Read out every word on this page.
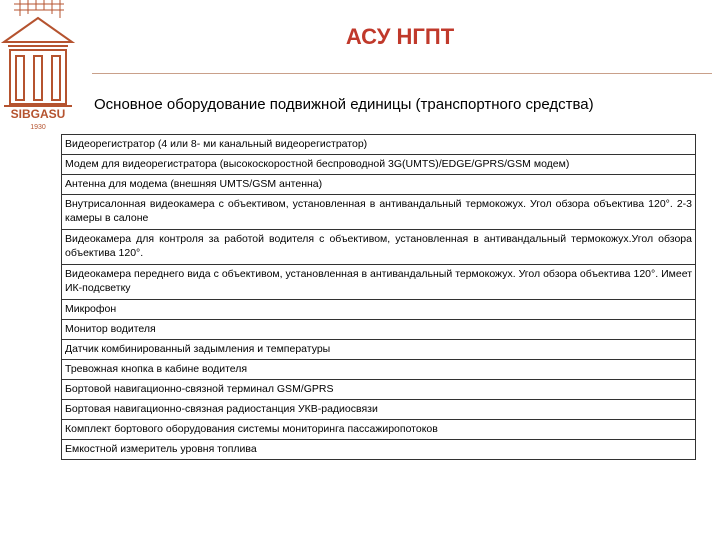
SIBGASU
1930
АСУ НГПТ
Основное оборудование подвижной единицы (транспортного средства)
Видеорегистратор (4 или 8- ми канальный видеорегистратор)
Модем для видеорегистратора (высокоскоростной беспроводной 3G(UMTS)/EDGE/GPRS/GSM модем)
Антенна для модема (внешняя UMTS/GSM антенна)
Внутрисалонная видеокамера с объективом, установленная в антивандальный термокожух. Угол обзора объектива 120°. 2-3 камеры в салоне
Видеокамера для контроля за работой водителя с объективом, установленная в антивандальный термокожух.Угол обзора объектива 120°.
Видеокамера переднего вида с объективом, установленная в антивандальный термокожух. Угол обзора объектива 120°. Имеет ИК-подсветку
Микрофон
Монитор водителя
Датчик комбинированный задымления и температуры
Тревожная кнопка в кабине водителя
Бортовой навигационно-связной терминал GSM/GPRS
Бортовая навигационно-связная радиостанция УКВ-радиосвязи
Комплект бортового оборудования системы мониторинга пассажиропотоков
Емкостной измеритель уровня топлива
